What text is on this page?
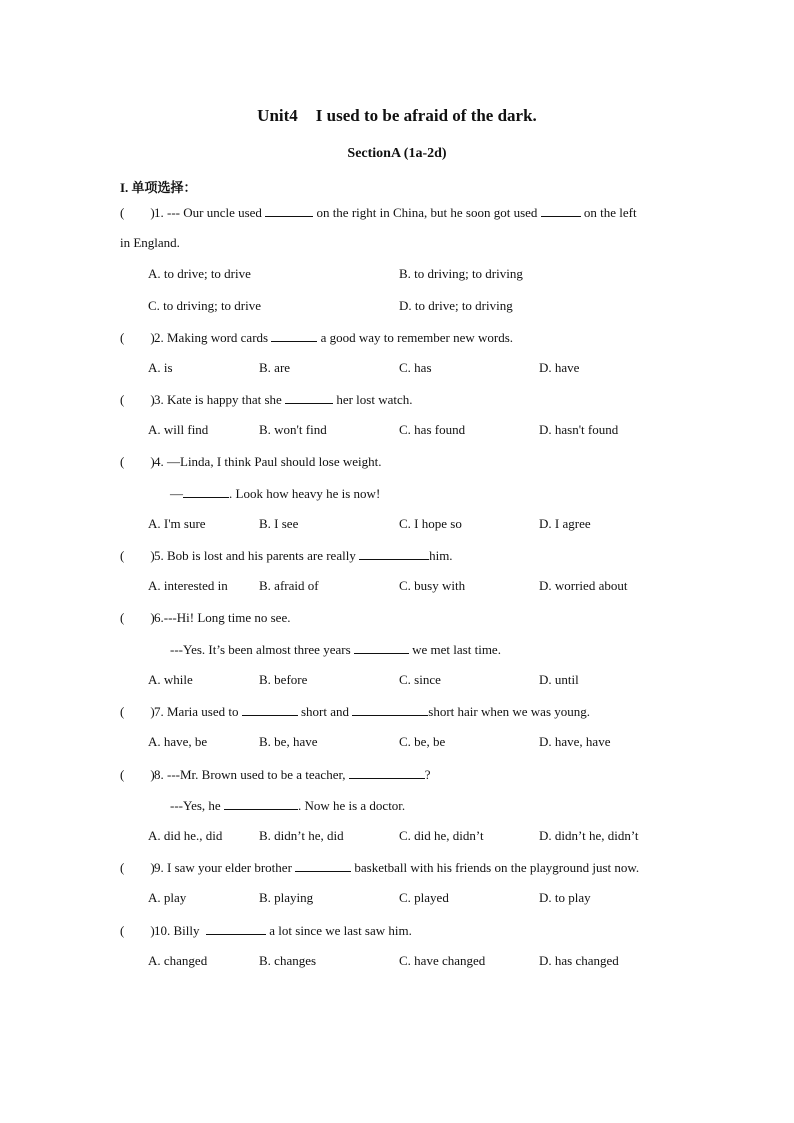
Unit4 I used to be afraid of the dark.
SectionA (1a-2d)
I. 单项选择：
(　　)1. --- Our uncle used	on the right in China, but he soon got used	on the left
in England.
A. to drive; to drive	B. to driving; to driving
C. to driving; to drive	D. to drive; to driving
(　　)2. Making word cards	a good way to remember new words.
A. is	B. are	C. has	D. have
(　　)3. Kate is happy that she	her lost watch.
A. will find	B. won't find	C. has found	D. hasn't found
(　　)4. —Linda, I think Paul should lose weight.
—	. Look how heavy he is now!
A. I'm sure	B. I see	C. I hope so	D. I agree
(　　)5. Bob is lost and his parents are really	him.
A. interested in B. afraid of	C. busy with	D. worried about
(　　)6.---Hi! Long time no see.
---Yes. It’s been almost three years	we met last time.
A. while	B. before	C. since	D. until
(　　)7. Maria used to	short and	short hair when we was young.
A. have, be	B. be, have	C. be, be	D. have, have
(　　)8. ---Mr. Brown used to be a teacher,	?
---Yes, he	. Now he is a doctor.
A. did he., did	B. didn’t he, did	C. did he, didn’t	D. didn’t he, didn’t
(　　)9. I saw your elder brother	basketball with his friends on the playground just now.
A. play	B. playing	C. played	D. to play
(　　)10. Billy	a lot since we last saw him.
A. changed	B. changes	C. have changed	D. has changed
